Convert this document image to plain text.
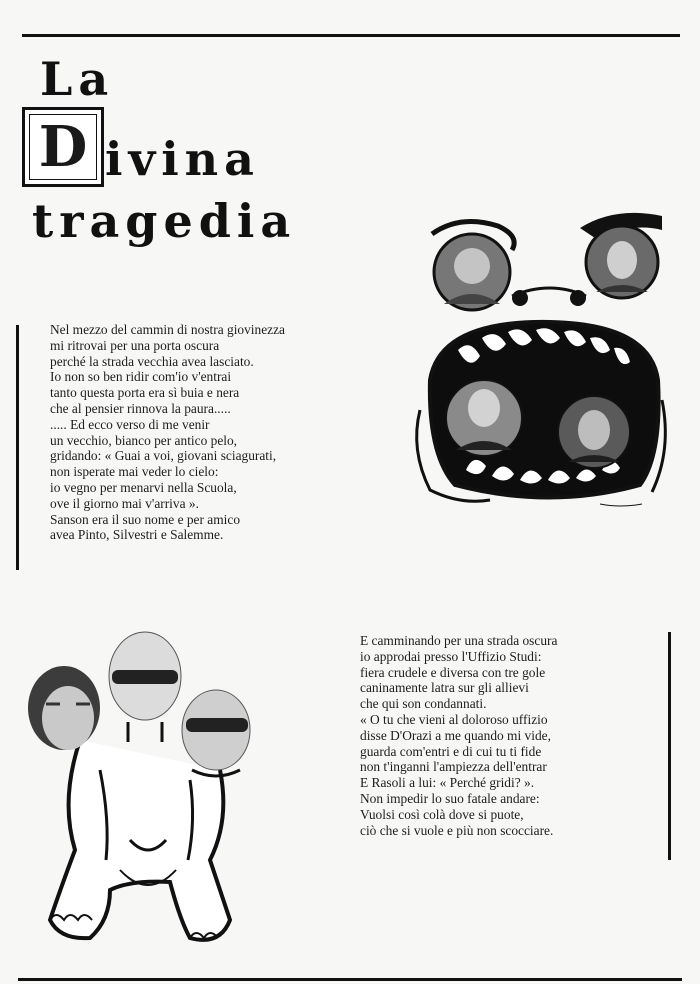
La
D ivina
tragedia
Nel mezzo del cammin di nostra giovinezza
mi ritrovai per una porta oscura
perché la strada vecchia avea lasciato.
Io non so ben ridir com'io v'entrai
tanto questa porta era sì buia e nera
che al pensier rinnova la paura.....
..... Ed ecco verso di me venir
un vecchio, bianco per antico pelo,
gridando: « Guai a voi, giovani sciagurati,
non isperate mai veder lo cielo:
io vegno per menarvi nella Scuola,
ove il giorno mai v'arriva ».
Sanson era il suo nome e per amico
avea Pinto, Silvestri e Salemme.
E camminando per una strada oscura
io approdai presso l'Uffizio Studi:
fiera crudele e diversa con tre gole
caninamente latra sur gli allievi
che qui son condannati.
« O tu che vieni al doloroso uffizio
disse D'Orazi a me quando mi vide,
guarda com'entri e di cui tu ti fide
non t'inganni l'ampiezza dell'entrar
E Rasoli a lui: « Perché gridi? ».
Non impedir lo suo fatale andare:
Vuolsi così colà dove si puote,
ciò che si vuole e più non scocciare.
